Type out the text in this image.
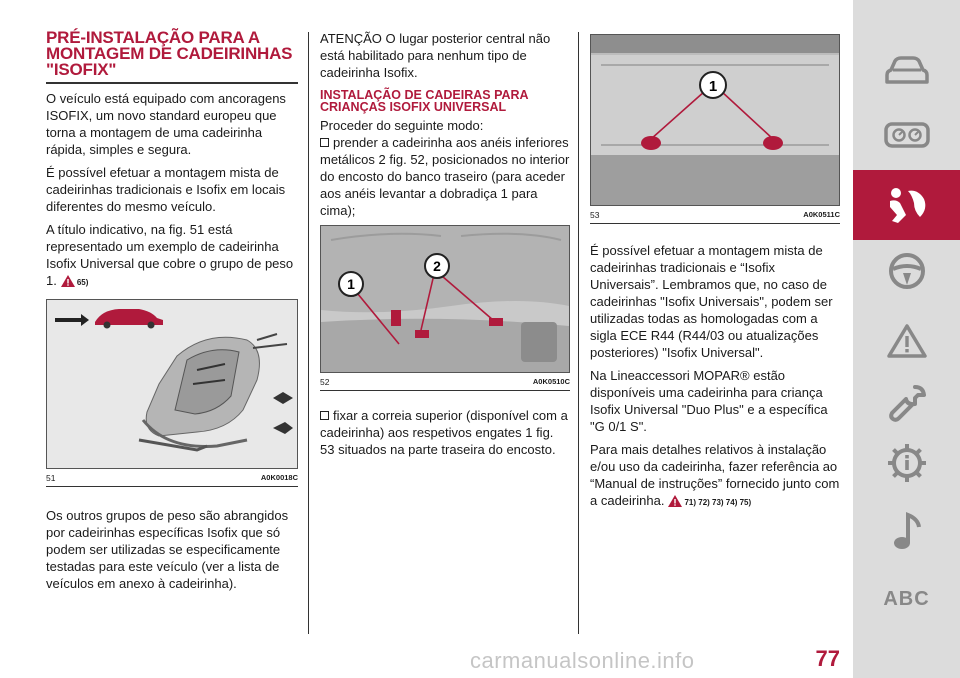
PRÉ-INSTALAÇÃO PARA A MONTAGEM DE CADEIRINHAS "ISOFIX"

O veículo está equipado com ancoragens ISOFIX, um novo standard europeu que torna a montagem de uma cadeirinha rápida, simples e segura.

É possível efetuar a montagem mista de cadeirinhas tradicionais e Isofix em locais diferentes do mesmo veículo.

A título indicativo, na fig. 51 está representado um exemplo de cadeirinha Isofix Universal que cobre o grupo de peso 1.	65)

51	A0K0018C

Os outros grupos de peso são abrangidos por cadeirinhas específicas Isofix que só podem ser utilizadas se especificamente testadas para este veículo (ver a lista de veículos em anexo à cadeirinha).

ATENÇÃO O lugar posterior central não está habilitado para nenhum tipo de cadeirinha Isofix.

INSTALAÇÃO DE CADEIRAS PARA CRIANÇAS ISOFIX UNIVERSAL

Proceder do seguinte modo:

prender a cadeirinha aos anéis inferiores metálicos 2 fig. 52, posicionados no interior do encosto do banco traseiro (para aceder aos anéis levantar a dobradiça 1 para cima);

1
2
52	A0K0510C

fixar a correia superior (disponível com a cadeirinha) aos respetivos engates 1 fig. 53 situados na parte traseira do encosto.

1
53	A0K0511C

É possível efetuar a montagem mista de cadeirinhas tradicionais e “Isofix Universais”. Lembramos que, no caso de cadeirinhas "Isofix Universais", podem ser utilizadas todas as homologadas com a sigla ECE R44 (R44/03 ou atualizações posteriores) "Isofix Universal".

Na Lineaccessori MOPAR® estão disponíveis uma cadeirinha para criança Isofix Universal "Duo Plus" e a específica "G 0/1 S".

Para mais detalhes relativos à instalação e/ou uso da cadeirinha, fazer referência ao “Manual de instruções” fornecido junto com a cadeirinha.	71) 72) 73) 74) 75)

ABC
carmanualsonline.info	77
